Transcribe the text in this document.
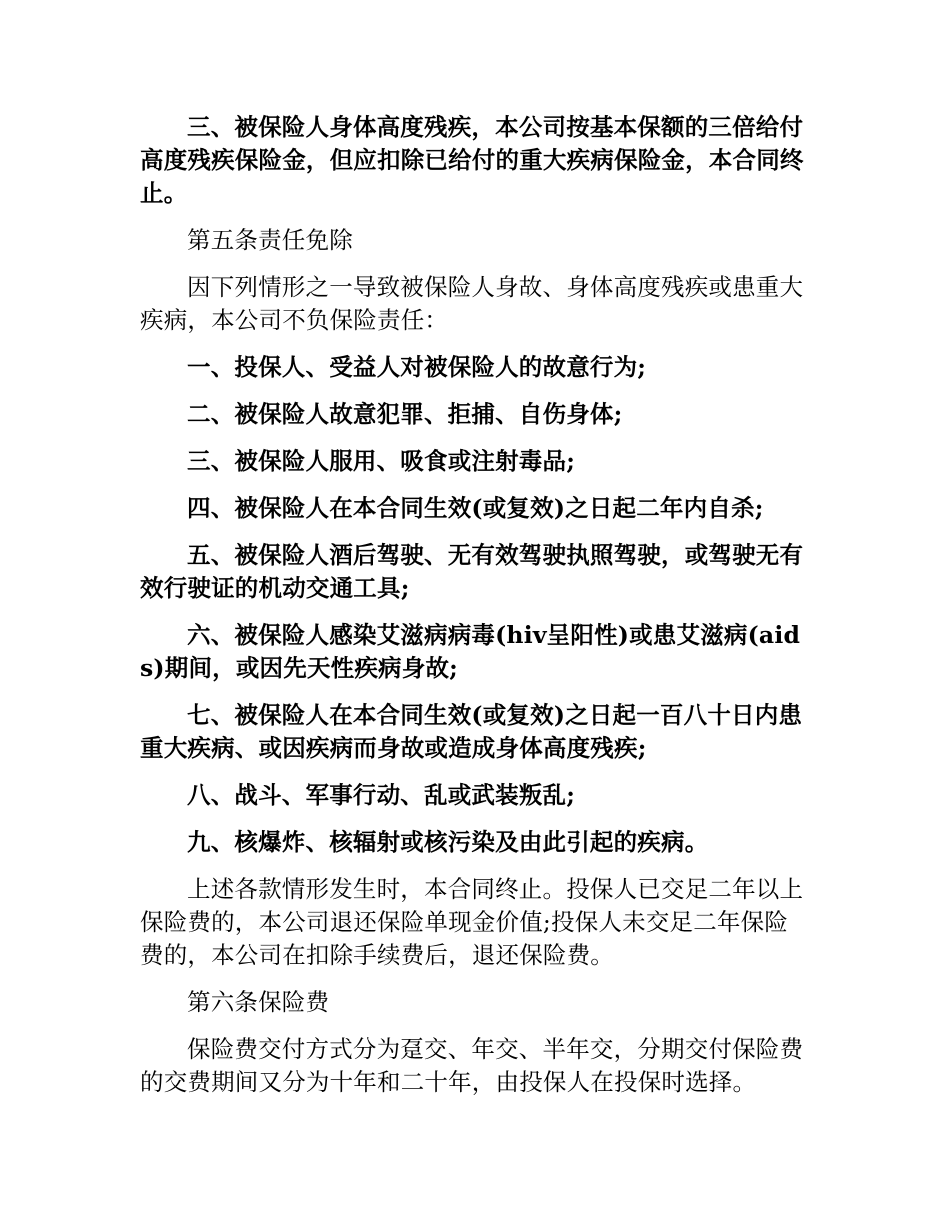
三、被保险人身体高度残疾，本公司按基本保额的三倍给付高度残疾保险金，但应扣除已给付的重大疾病保险金，本合同终止。

第五条责任免除

因下列情形之一导致被保险人身故、身体高度残疾或患重大疾病，本公司不负保险责任：

一、投保人、受益人对被保险人的故意行为;

二、被保险人故意犯罪、拒捕、自伤身体;

三、被保险人服用、吸食或注射毒品;

四、被保险人在本合同生效(或复效)之日起二年内自杀;

五、被保险人酒后驾驶、无有效驾驶执照驾驶，或驾驶无有效行驶证的机动交通工具;

六、被保险人感染艾滋病病毒(hiv呈阳性)或患艾滋病(aids)期间，或因先天性疾病身故;

七、被保险人在本合同生效(或复效)之日起一百八十日内患重大疾病、或因疾病而身故或造成身体高度残疾;

八、战斗、军事行动、乱或武装叛乱;

九、核爆炸、核辐射或核污染及由此引起的疾病。

上述各款情形发生时，本合同终止。投保人已交足二年以上保险费的，本公司退还保险单现金价值;投保人未交足二年保险费的，本公司在扣除手续费后，退还保险费。

第六条保险费

保险费交付方式分为趸交、年交、半年交，分期交付保险费的交费期间又分为十年和二十年，由投保人在投保时选择。
